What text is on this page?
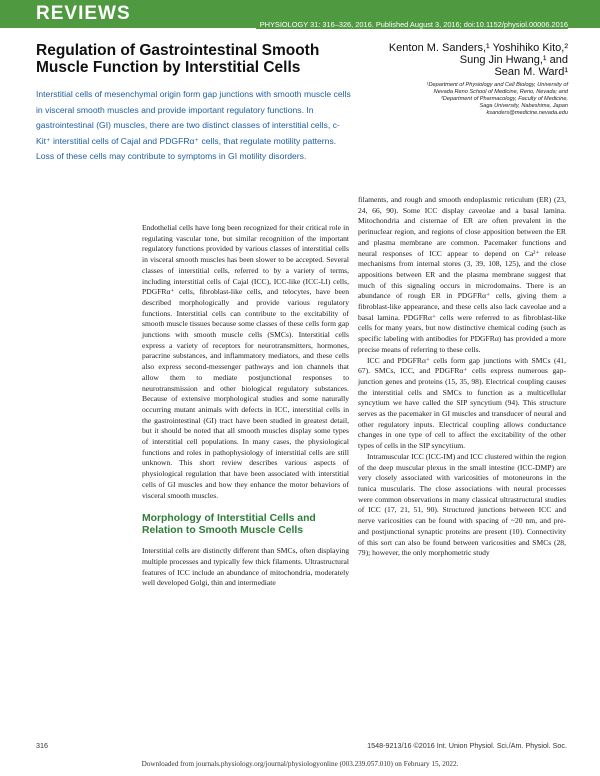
REVIEWS
PHYSIOLOGY 31: 316–326, 2016. Published August 3, 2016; doi:10.1152/physiol.00006.2016
Regulation of Gastrointestinal Smooth Muscle Function by Interstitial Cells
Kenton M. Sanders,¹ Yoshihiko Kito,²
Sung Jin Hwang,¹ and
Sean M. Ward¹
¹Department of Physiology and Cell Biology, University of
Nevada Reno School of Medicine, Reno, Nevada; and
²Department of Pharmacology, Faculty of Medicine,
Saga University, Nabeshima, Japan
ksanders@medicine.nevada.edu
Interstitial cells of mesenchymal origin form gap junctions with smooth muscle cells in visceral smooth muscles and provide important regulatory functions. In gastrointestinal (GI) muscles, there are two distinct classes of interstitial cells, c-Kit⁺ interstitial cells of Cajal and PDGFRα⁺ cells, that regulate motility patterns. Loss of these cells may contribute to symptoms in GI motility disorders.

Endothelial cells have long been recognized for their critical role in regulating vascular tone, but similar recognition of the important regulatory functions provided by various classes of interstitial cells in visceral smooth muscles has been slower to be accepted. Several classes of interstitial cells, referred to by a variety of terms, including interstitial cells of Cajal (ICC), ICC-like (ICC-LI) cells, PDGFRα⁺ cells, fibroblast-like cells, and telocytes, have been described morphologically and provide various regulatory functions. Interstitial cells can contribute to the excitability of smooth muscle tissues because some classes of these cells form gap junctions with smooth muscle cells (SMCs). Interstitial cells express a variety of receptors for neurotransmitters, hormones, paracrine substances, and inflammatory mediators, and these cells also express second-messenger pathways and ion channels that allow them to mediate postjunctional responses to neurotransmission and other biological regulatory substances. Because of extensive morphological studies and some naturally occurring mutant animals with defects in ICC, interstitial cells in the gastrointestinal (GI) tract have been studied in greatest detail, but it should be noted that all smooth muscles display some types of interstitial cell populations. In many cases, the physiological functions and roles in pathophysiology of interstitial cells are still unknown. This short review describes various aspects of physiological regulation that have been associated with interstitial cells of GI muscles and how they enhance the motor behaviors of visceral smooth muscles.

Morphology of Interstitial Cells and Relation to Smooth Muscle Cells

Interstitial cells are distinctly different than SMCs, often displaying multiple processes and typically few thick filaments. Ultrastructural features of ICC include an abundance of mitochondria, moderately well developed Golgi, thin and intermediate

filaments, and rough and smooth endoplasmic reticulum (ER) (23, 24, 66, 90). Some ICC display caveolae and a basal lamina. Mitochondria and cisternae of ER are often prevalent in the perinuclear region, and regions of close apposition between the ER and plasma membrane are common. Pacemaker functions and neural responses of ICC appear to depend on Ca²⁺ release mechanisms from internal stores (3, 39, 108, 125), and the close appositions between ER and the plasma membrane suggest that much of this signaling occurs in microdomains. There is an abundance of rough ER in PDGFRα⁺ cells, giving them a fibroblast-like appearance, and these cells also lack caveolae and a basal lamina. PDGFRα⁺ cells were referred to as fibroblast-like cells for many years, but now distinctive chemical coding (such as specific labeling with antibodies for PDGFRα) has provided a more precise means of referring to these cells.

ICC and PDGFRα⁺ cells form gap junctions with SMCs (41, 67). SMCs, ICC, and PDGFRα⁺ cells express numerous gap-junction genes and proteins (15, 35, 98). Electrical coupling causes the interstitial cells and SMCs to function as a multicellular syncytium we have called the SIP syncytium (94). This structure serves as the pacemaker in GI muscles and transducer of neural and other regulatory inputs. Electrical coupling allows conductance changes in one type of cell to affect the excitability of the other types of cells in the SIP syncytium.

Intramuscular ICC (ICC-IM) and ICC clustered within the region of the deep muscular plexus in the small intestine (ICC-DMP) are very closely associated with varicosities of motoneurons in the tunica muscularis. The close associations with neural processes were common observations in many classical ultrastructural studies of ICC (17, 21, 51, 90). Structured junctions between ICC and nerve varicosities can be found with spacing of ~20 nm, and pre- and postjunctional synaptic proteins are present (10). Connectivity of this sort can also be found between varicosities and SMCs (28, 79); however, the only morphometric study

316	1548-9213/16 ©2016 Int. Union Physiol. Sci./Am. Physiol. Soc.
Downloaded from journals.physiology.org/journal/physiologyonline (003.239.057.010) on February 15, 2022.
